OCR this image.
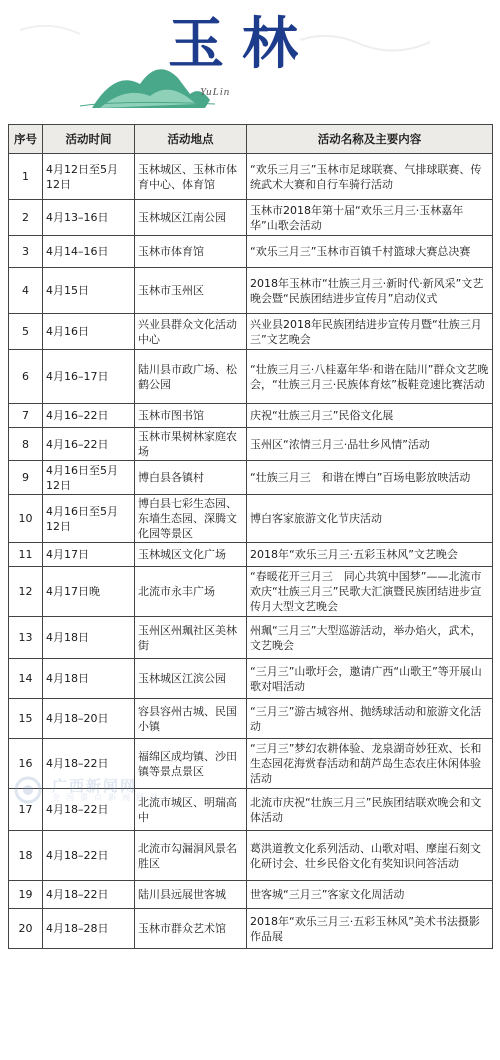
玉林
YuLin
序号	活动时间	活动地点	活动名称及主要内容
1	4月12日至5月12日	玉林城区、玉林市体育中心、体育馆	“欢乐三月三”玉林市足球联赛、气排球联赛、传统武术大赛和自行车骑行活动
2	4月13–16日	玉林城区江南公园	玉林市2018年第十届“欢乐三月三·玉林嘉年华”山歌会活动
3	4月14–16日	玉林市体育馆	“欢乐三月三”玉林市百镇千村篮球大赛总决赛
4	4月15日	玉林市玉州区	2018年玉林市“壮族三月三·新时代·新风采”文艺晚会暨“民族团结进步宣传月”启动仪式
5	4月16日	兴业县群众文化活动中心	兴业县2018年民族团结进步宣传月暨“壮族三月三”文艺晚会
6	4月16–17日	陆川县市政广场、松鹤公园	“壮族三月三·八桂嘉年华·和谐在陆川”群众文艺晚会，“壮族三月三·民族体育炫”板鞋竞速比赛活动
7	4月16–22日	玉林市图书馆	庆祝“壮族三月三”民俗文化展
8	4月16–22日	玉林市果树林家庭农场	玉州区“浓情三月三·品壮乡风情”活动
9	4月16日至5月12日	博白县各镇村	“壮族三月三　和谐在博白”百场电影放映活动
10	4月16日至5月12日	博白县七彩生态园、东墙生态园、深腾文化园等景区	博白客家旅游文化节庆活动
11	4月17日	玉林城区文化广场	2018年“欢乐三月三·五彩玉林风”文艺晚会
12	4月17日晚	北流市永丰广场	“春暖花开三月三　同心共筑中国梦”——北流市欢庆“壮族三月三”民歌大汇演暨民族团结进步宣传月大型文艺晚会
13	4月18日	玉州区州珮社区美林街	州珮“三月三”大型巡游活动，举办焰火，武术，文艺晚会
14	4月18日	玉林城区江滨公园	“三月三”山歌圩会，邀请广西“山歌王”等开展山歌对唱活动
15	4月18–20日	容县容州古城、民国小镇	“三月三”游古城容州、抛绣球活动和旅游文化活动
16	4月18–22日	福绵区成均镇、沙田镇等景点景区	“三月三”梦幻农耕体验、龙泉湖奇妙狂欢、长和生态园花海赏春活动和葫芦岛生态农庄休闲体验活动
17	4月18–22日	北流市城区、明瑞高中	北流市庆祝“壮族三月三”民族团结联欢晚会和文体活动
18	4月18–22日	北流市勾漏洞风景名胜区	葛洪道教文化系列活动、山歌对唱、摩崖石刻文化研讨会、壮乡民俗文化有奖知识问答活动
19	4月18–22日	陆川县远展世客城	世客城“三月三”客家文化周活动
20	4月18–28日	玉林市群众艺术馆	2018年“欢乐三月三·五彩玉林风”美术书法摄影作品展
广西新闻网
全国重点新闻网站
